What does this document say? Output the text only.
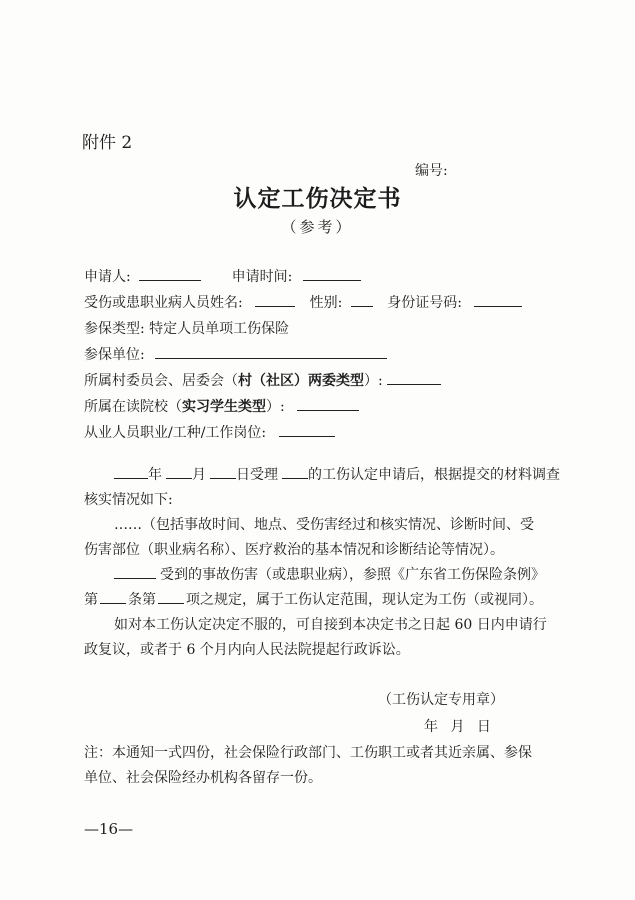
附件 2
编号:
认定工伤决定书
（参考）
申请人:	申请时间:
受伤或患职业病人员姓名:	性别:	身份证号码:
参保类型: 特定人员单项工伤保险
参保单位:
所属村委员会、居委会（村（社区）两委类型）:
所属在读院校（实习学生类型）:
从业人员职业/工种/工作岗位:
年 月 日受理 的工伤认定申请后，根据提交的材料调查
核实情况如下:
……（包括事故时间、地点、受伤害经过和核实情况、诊断时间、受
伤害部位（职业病名称）、医疗救治的基本情况和诊断结论等情况）。
受到的事故伤害（或患职业病），参照《广东省工伤保险条例》
第 条第 项之规定，属于工伤认定范围，现认定为工伤（或视同）。
如对本工伤认定决定不服的，可自接到本决定书之日起 60 日内申请行
政复议，或者于 6 个月内向人民法院提起行政诉讼。
（工伤认定专用章）
年 月 日
注：本通知一式四份，社会保险行政部门、工伤职工或者其近亲属、参保
单位、社会保险经办机构各留存一份。
—16—
